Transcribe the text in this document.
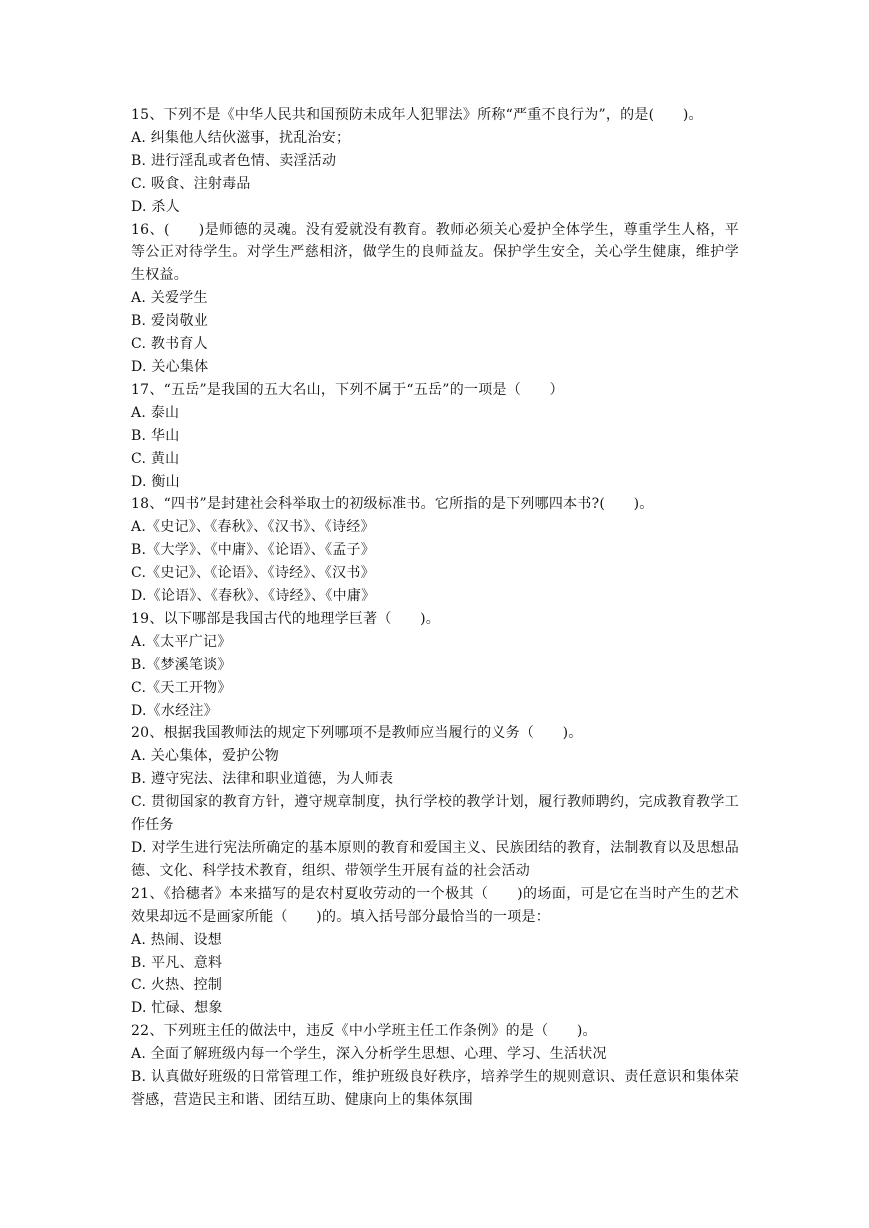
15、下列不是《中华人民共和国预防未成年人犯罪法》所称“严重不良行为”，的是(　　)。

A. 纠集他人结伙滋事，扰乱治安；

B. 进行淫乱或者色情、卖淫活动

C. 吸食、注射毒品

D. 杀人

16、(　　)是师德的灵魂。没有爱就没有教育。教师必须关心爱护全体学生，尊重学生人格，平等公正对待学生。对学生严慈相济，做学生的良师益友。保护学生安全，关心学生健康，维护学生权益。

A. 关爱学生

B. 爱岗敬业

C. 教书育人

D. 关心集体

17、“五岳”是我国的五大名山，下列不属于“五岳”的一项是（　　）

A. 泰山

B. 华山

C. 黄山

D. 衡山

18、“四书”是封建社会科举取士的初级标准书。它所指的是下列哪四本书?(　　)。

A.《史记》、《春秋》、《汉书》、《诗经》

B.《大学》、《中庸》、《论语》、《孟子》

C.《史记》、《论语》、《诗经》、《汉书》

D.《论语》、《春秋》、《诗经》、《中庸》

19、以下哪部是我国古代的地理学巨著（　　)。

A.《太平广记》

B.《梦溪笔谈》

C.《天工开物》

D.《水经注》

20、根据我国教师法的规定下列哪项不是教师应当履行的义务（　　)。

A. 关心集体，爱护公物

B. 遵守宪法、法律和职业道德，为人师表

C. 贯彻国家的教育方针，遵守规章制度，执行学校的教学计划，履行教师聘约，完成教育教学工作任务

D. 对学生进行宪法所确定的基本原则的教育和爱国主义、民族团结的教育，法制教育以及思想品德、文化、科学技术教育，组织、带领学生开展有益的社会活动

21、《拾穗者》本来描写的是农村夏收劳动的一个极其（　　)的场面，可是它在当时产生的艺术效果却远不是画家所能（　　)的。填入括号部分最恰当的一项是：

A. 热闹、设想

B. 平凡、意料

C. 火热、控制

D. 忙碌、想象

22、下列班主任的做法中，违反《中小学班主任工作条例》的是（　　)。

A. 全面了解班级内每一个学生，深入分析学生思想、心理、学习、生活状况

B. 认真做好班级的日常管理工作，维护班级良好秩序，培养学生的规则意识、责任意识和集体荣誉感，营造民主和谐、团结互助、健康向上的集体氛围
